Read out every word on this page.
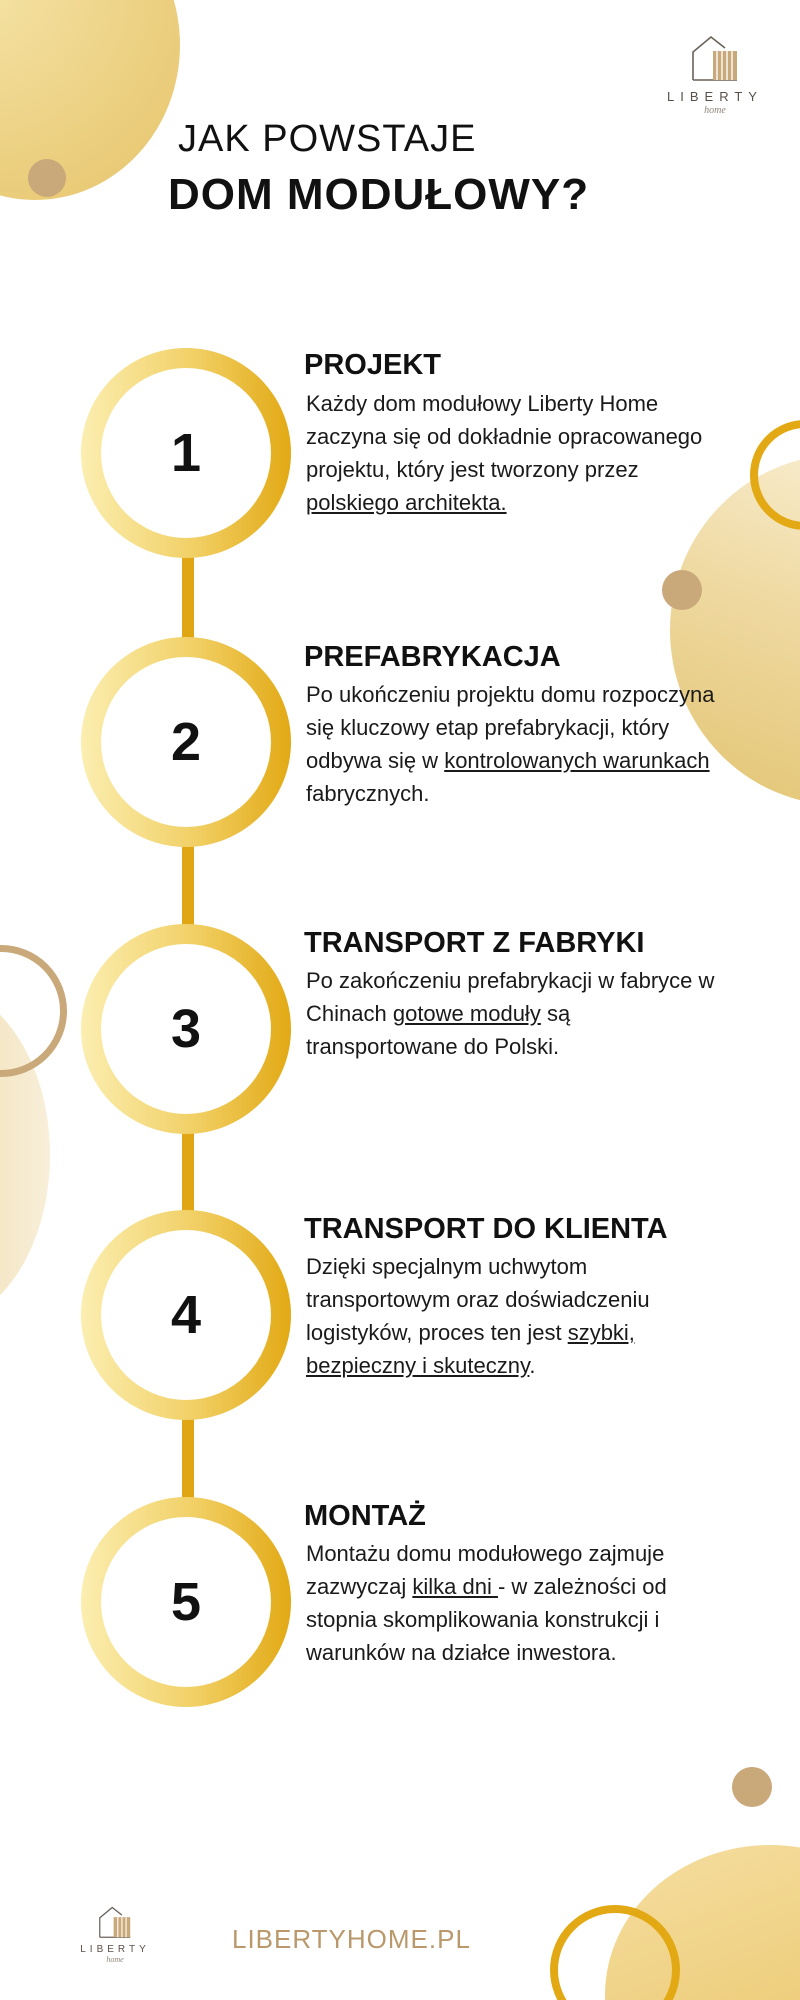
LIBERTY
home
JAK POWSTAJE
DOM MODUŁOWY?
1
PROJEKT

Każdy dom modułowy Liberty Home zaczyna się od dokładnie opracowanego projektu, który jest tworzony przez polskiego architekta.

2
PREFABRYKACJA

Po ukończeniu projektu domu rozpoczyna się kluczowy etap prefabrykacji, który odbywa się w kontrolowanych warunkach fabrycznych.

3
TRANSPORT Z FABRYKI

Po zakończeniu prefabrykacji w fabryce w Chinach gotowe moduły są transportowane do Polski.

4
TRANSPORT DO KLIENTA

Dzięki specjalnym uchwytom transportowym oraz doświadczeniu logistyków, proces ten jest szybki, bezpieczny i skuteczny.

5
MONTAŻ

Montażu domu modułowego zajmuje zazwyczaj kilka dni - w zależności od stopnia skomplikowania konstrukcji i warunków na działce inwestora.

LIBERTY
home
LIBERTYHOME.PL
